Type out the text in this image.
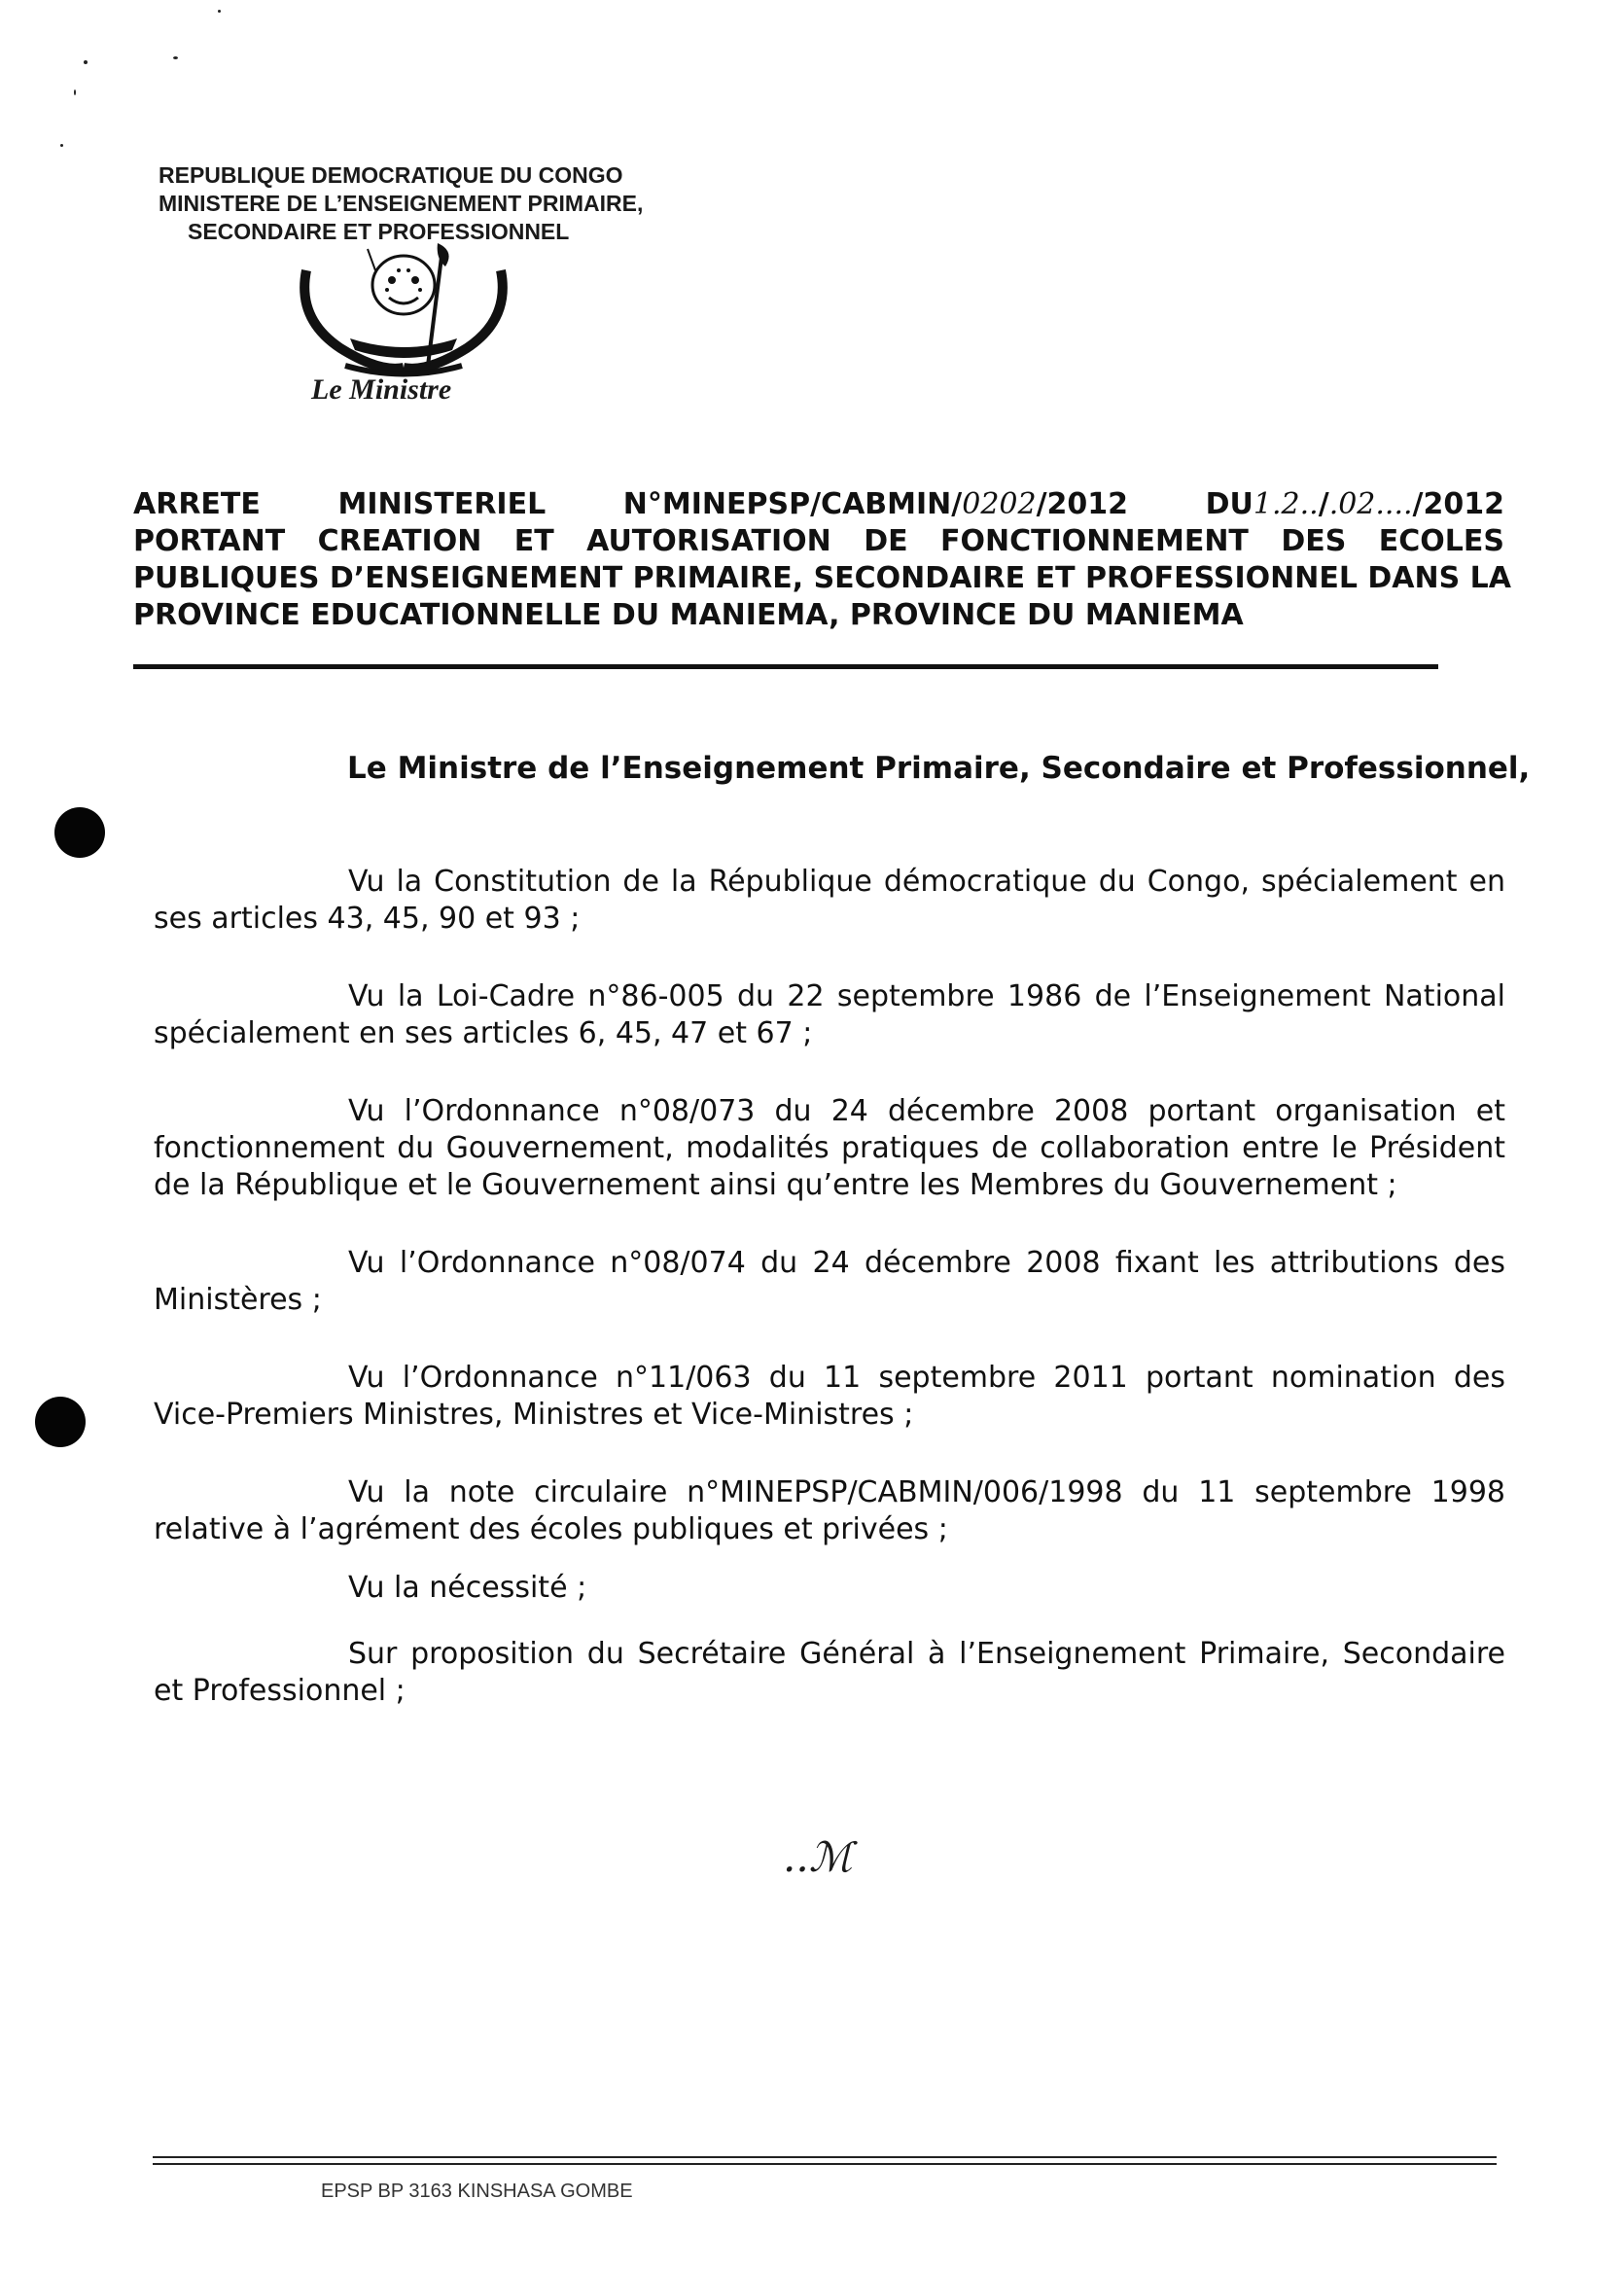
REPUBLIQUE DEMOCRATIQUE DU CONGO
MINISTERE DE L’ENSEIGNEMENT PRIMAIRE,
SECONDAIRE ET PROFESSIONNEL
Le Ministre
ARRETE MINISTERIEL N°MINEPSP/CABMIN/0202/2012	DU1.2../.02..../2012
PORTANT CREATION ET AUTORISATION DE FONCTIONNEMENT DES ECOLES
PUBLIQUES D’ENSEIGNEMENT PRIMAIRE, SECONDAIRE ET PROFESSIONNEL DANS LA
PROVINCE EDUCATIONNELLE DU MANIEMA, PROVINCE DU MANIEMA
Le Ministre de l’Enseignement Primaire, Secondaire et Professionnel,

Vu la Constitution de la République démocratique du Congo, spécialement en ses articles 43, 45, 90 et 93 ;

Vu la Loi-Cadre n°86-005 du 22 septembre 1986 de l’Enseignement National spécialement en ses articles 6, 45, 47 et 67 ;

Vu l’Ordonnance n°08/073 du 24 décembre 2008 portant organisation et fonctionnement du Gouvernement, modalités pratiques de collaboration entre le Président de la République et le Gouvernement ainsi qu’entre les Membres du Gouvernement ;

Vu l’Ordonnance n°08/074 du 24 décembre 2008 fixant les attributions des Ministères ;

Vu l’Ordonnance n°11/063 du 11 septembre 2011 portant nomination des Vice-Premiers Ministres, Ministres et Vice-Ministres ;

Vu la note circulaire n°MINEPSP/CABMIN/006/1998 du 11 septembre 1998 relative à l’agrément des écoles publiques et privées ;

Vu la nécessité ;

Sur proposition du Secrétaire Général à l’Enseignement Primaire, Secondaire et Professionnel ;

..ℳ
EPSP BP 3163 KINSHASA GOMBE
